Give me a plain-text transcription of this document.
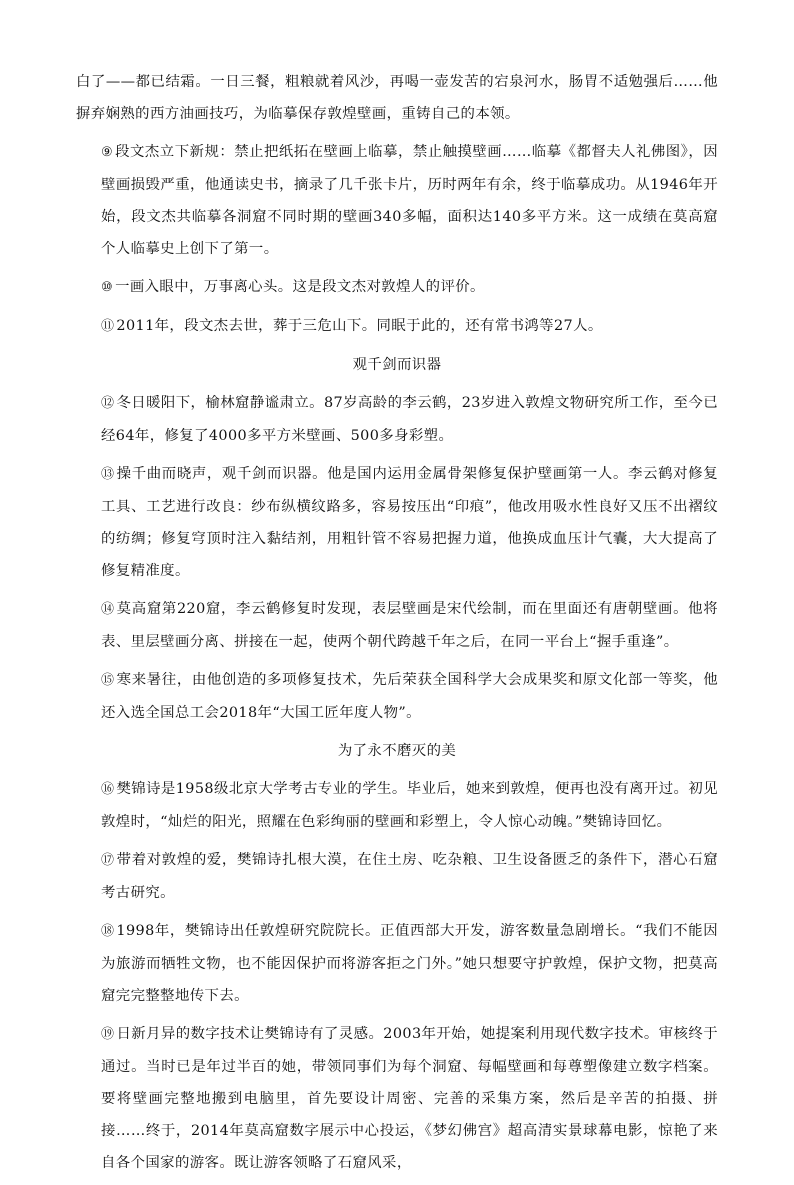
白了——都已结霜。一日三餐，粗粮就着风沙，再喝一壶发苦的宕泉河水，肠胃不适勉强后……他摒弃娴熟的西方油画技巧，为临摹保存敦煌壁画，重铸自己的本领。

⑨ 段文杰立下新规：禁止把纸拓在壁画上临摹，禁止触摸壁画……临摹《都督夫人礼佛图》，因壁画损毁严重，他通读史书，摘录了几千张卡片，历时两年有余，终于临摹成功。从1946年开始，段文杰共临摹各洞窟不同时期的壁画340多幅，面积达140多平方米。这一成绩在莫高窟个人临摹史上创下了第一。

⑩ 一画入眼中，万事离心头。这是段文杰对敦煌人的评价。

⑪ 2011年，段文杰去世，葬于三危山下。同眠于此的，还有常书鸿等27人。

观千剑而识器

⑫ 冬日暖阳下，榆林窟静谧肃立。87岁高龄的李云鹤，23岁进入敦煌文物研究所工作，至今已经64年，修复了4000多平方米壁画、500多身彩塑。

⑬ 操千曲而晓声，观千剑而识器。他是国内运用金属骨架修复保护壁画第一人。李云鹤对修复工具、工艺进行改良：纱布纵横纹路多，容易按压出“印痕”，他改用吸水性良好又压不出褶纹的纺绸；修复穹顶时注入黏结剂，用粗针管不容易把握力道，他换成血压计气囊，大大提高了修复精准度。

⑭ 莫高窟第220窟，李云鹤修复时发现，表层壁画是宋代绘制，而在里面还有唐朝壁画。他将表、里层壁画分离、拼接在一起，使两个朝代跨越千年之后，在同一平台上“握手重逢”。

⑮ 寒来暑往，由他创造的多项修复技术，先后荣获全国科学大会成果奖和原文化部一等奖，他还入选全国总工会2018年“大国工匠年度人物”。

为了永不磨灭的美

⑯ 樊锦诗是1958级北京大学考古专业的学生。毕业后，她来到敦煌，便再也没有离开过。初见敦煌时，“灿烂的阳光，照耀在色彩绚丽的壁画和彩塑上，令人惊心动魄。”樊锦诗回忆。

⑰ 带着对敦煌的爱，樊锦诗扎根大漠，在住土房、吃杂粮、卫生设备匮乏的条件下，潜心石窟考古研究。

⑱ 1998年，樊锦诗出任敦煌研究院院长。正值西部大开发，游客数量急剧增长。“我们不能因为旅游而牺牲文物，也不能因保护而将游客拒之门外。”她只想要守护敦煌，保护文物，把莫高窟完完整整地传下去。

⑲ 日新月异的数字技术让樊锦诗有了灵感。2003年开始，她提案利用现代数字技术。审核终于通过。当时已是年过半百的她，带领同事们为每个洞窟、每幅壁画和每尊塑像建立数字档案。要将壁画完整地搬到电脑里，首先要设计周密、完善的采集方案，然后是辛苦的拍摄、拼接……终于，2014年莫高窟数字展示中心投运，《梦幻佛宫》超高清实景球幕电影，惊艳了来自各个国家的游客。既让游客领略了石窟风采，
